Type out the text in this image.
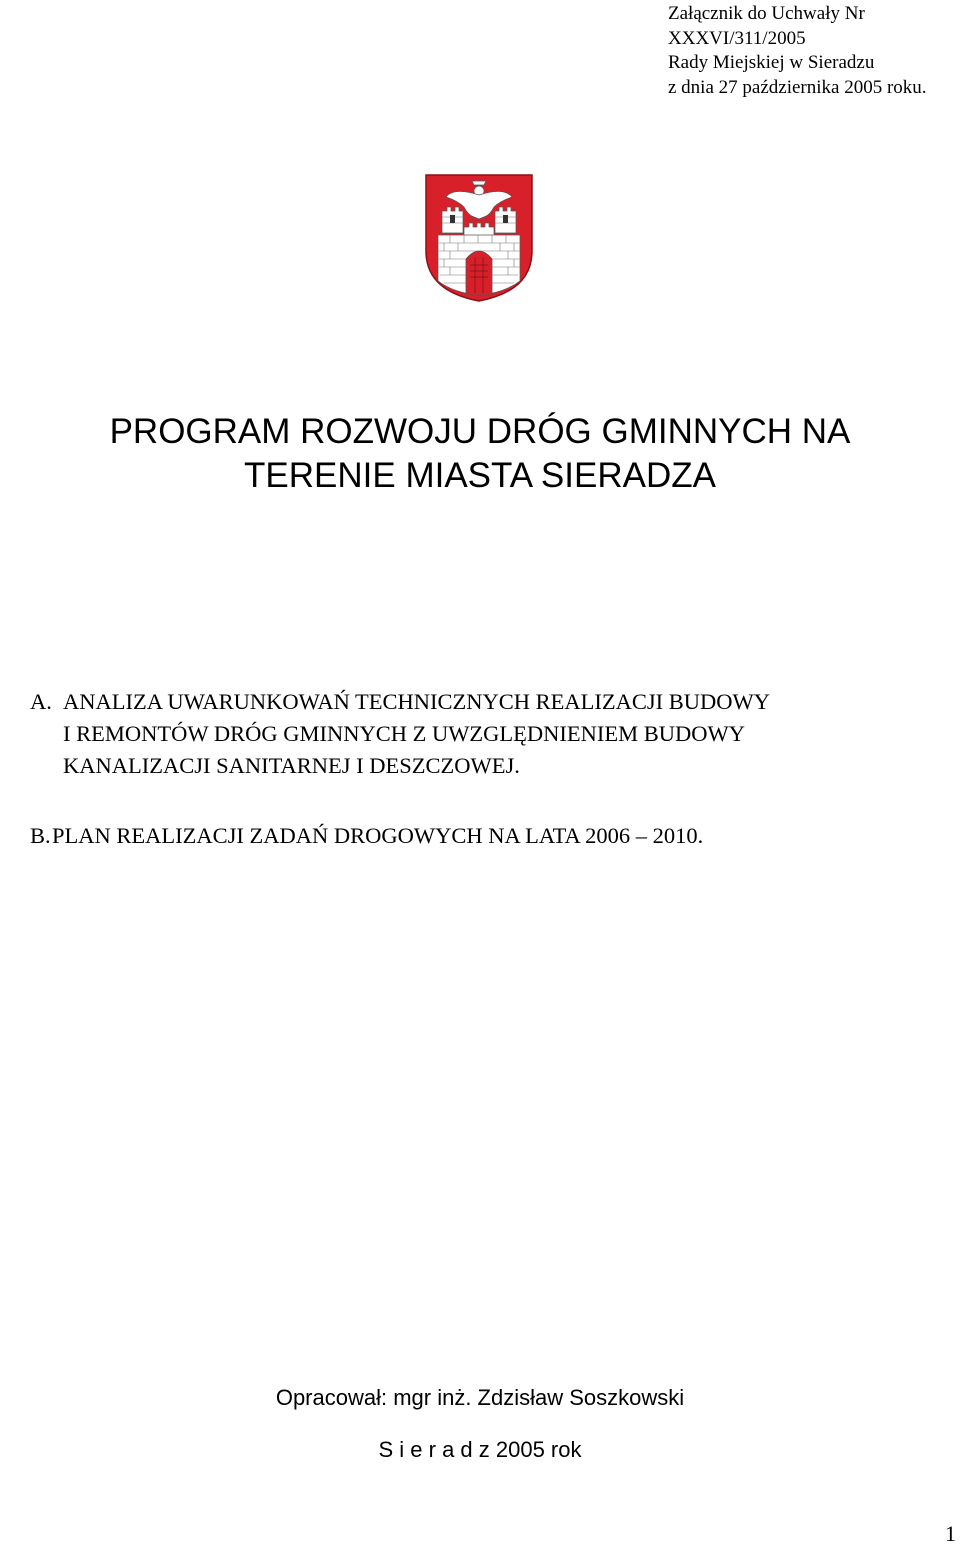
Załącznik do Uchwały Nr
XXXVI/311/2005
Rady Miejskiej w Sieradzu
z dnia 27 października 2005 roku.
PROGRAM ROZWOJU DRÓG GMINNYCH NA
TERENIE MIASTA SIERADZA
A. ANALIZA UWARUNKOWAŃ TECHNICZNYCH REALIZACJI BUDOWY
I REMONTÓW DRÓG GMINNYCH Z UWZGLĘDNIENIEM BUDOWY
KANALIZACJI SANITARNEJ I DESZCZOWEJ.
B. PLAN REALIZACJI ZADAŃ DROGOWYCH NA LATA 2006 – 2010.
Opracował: mgr inż. Zdzisław Soszkowski
S i e r a d z 2005 rok
1
